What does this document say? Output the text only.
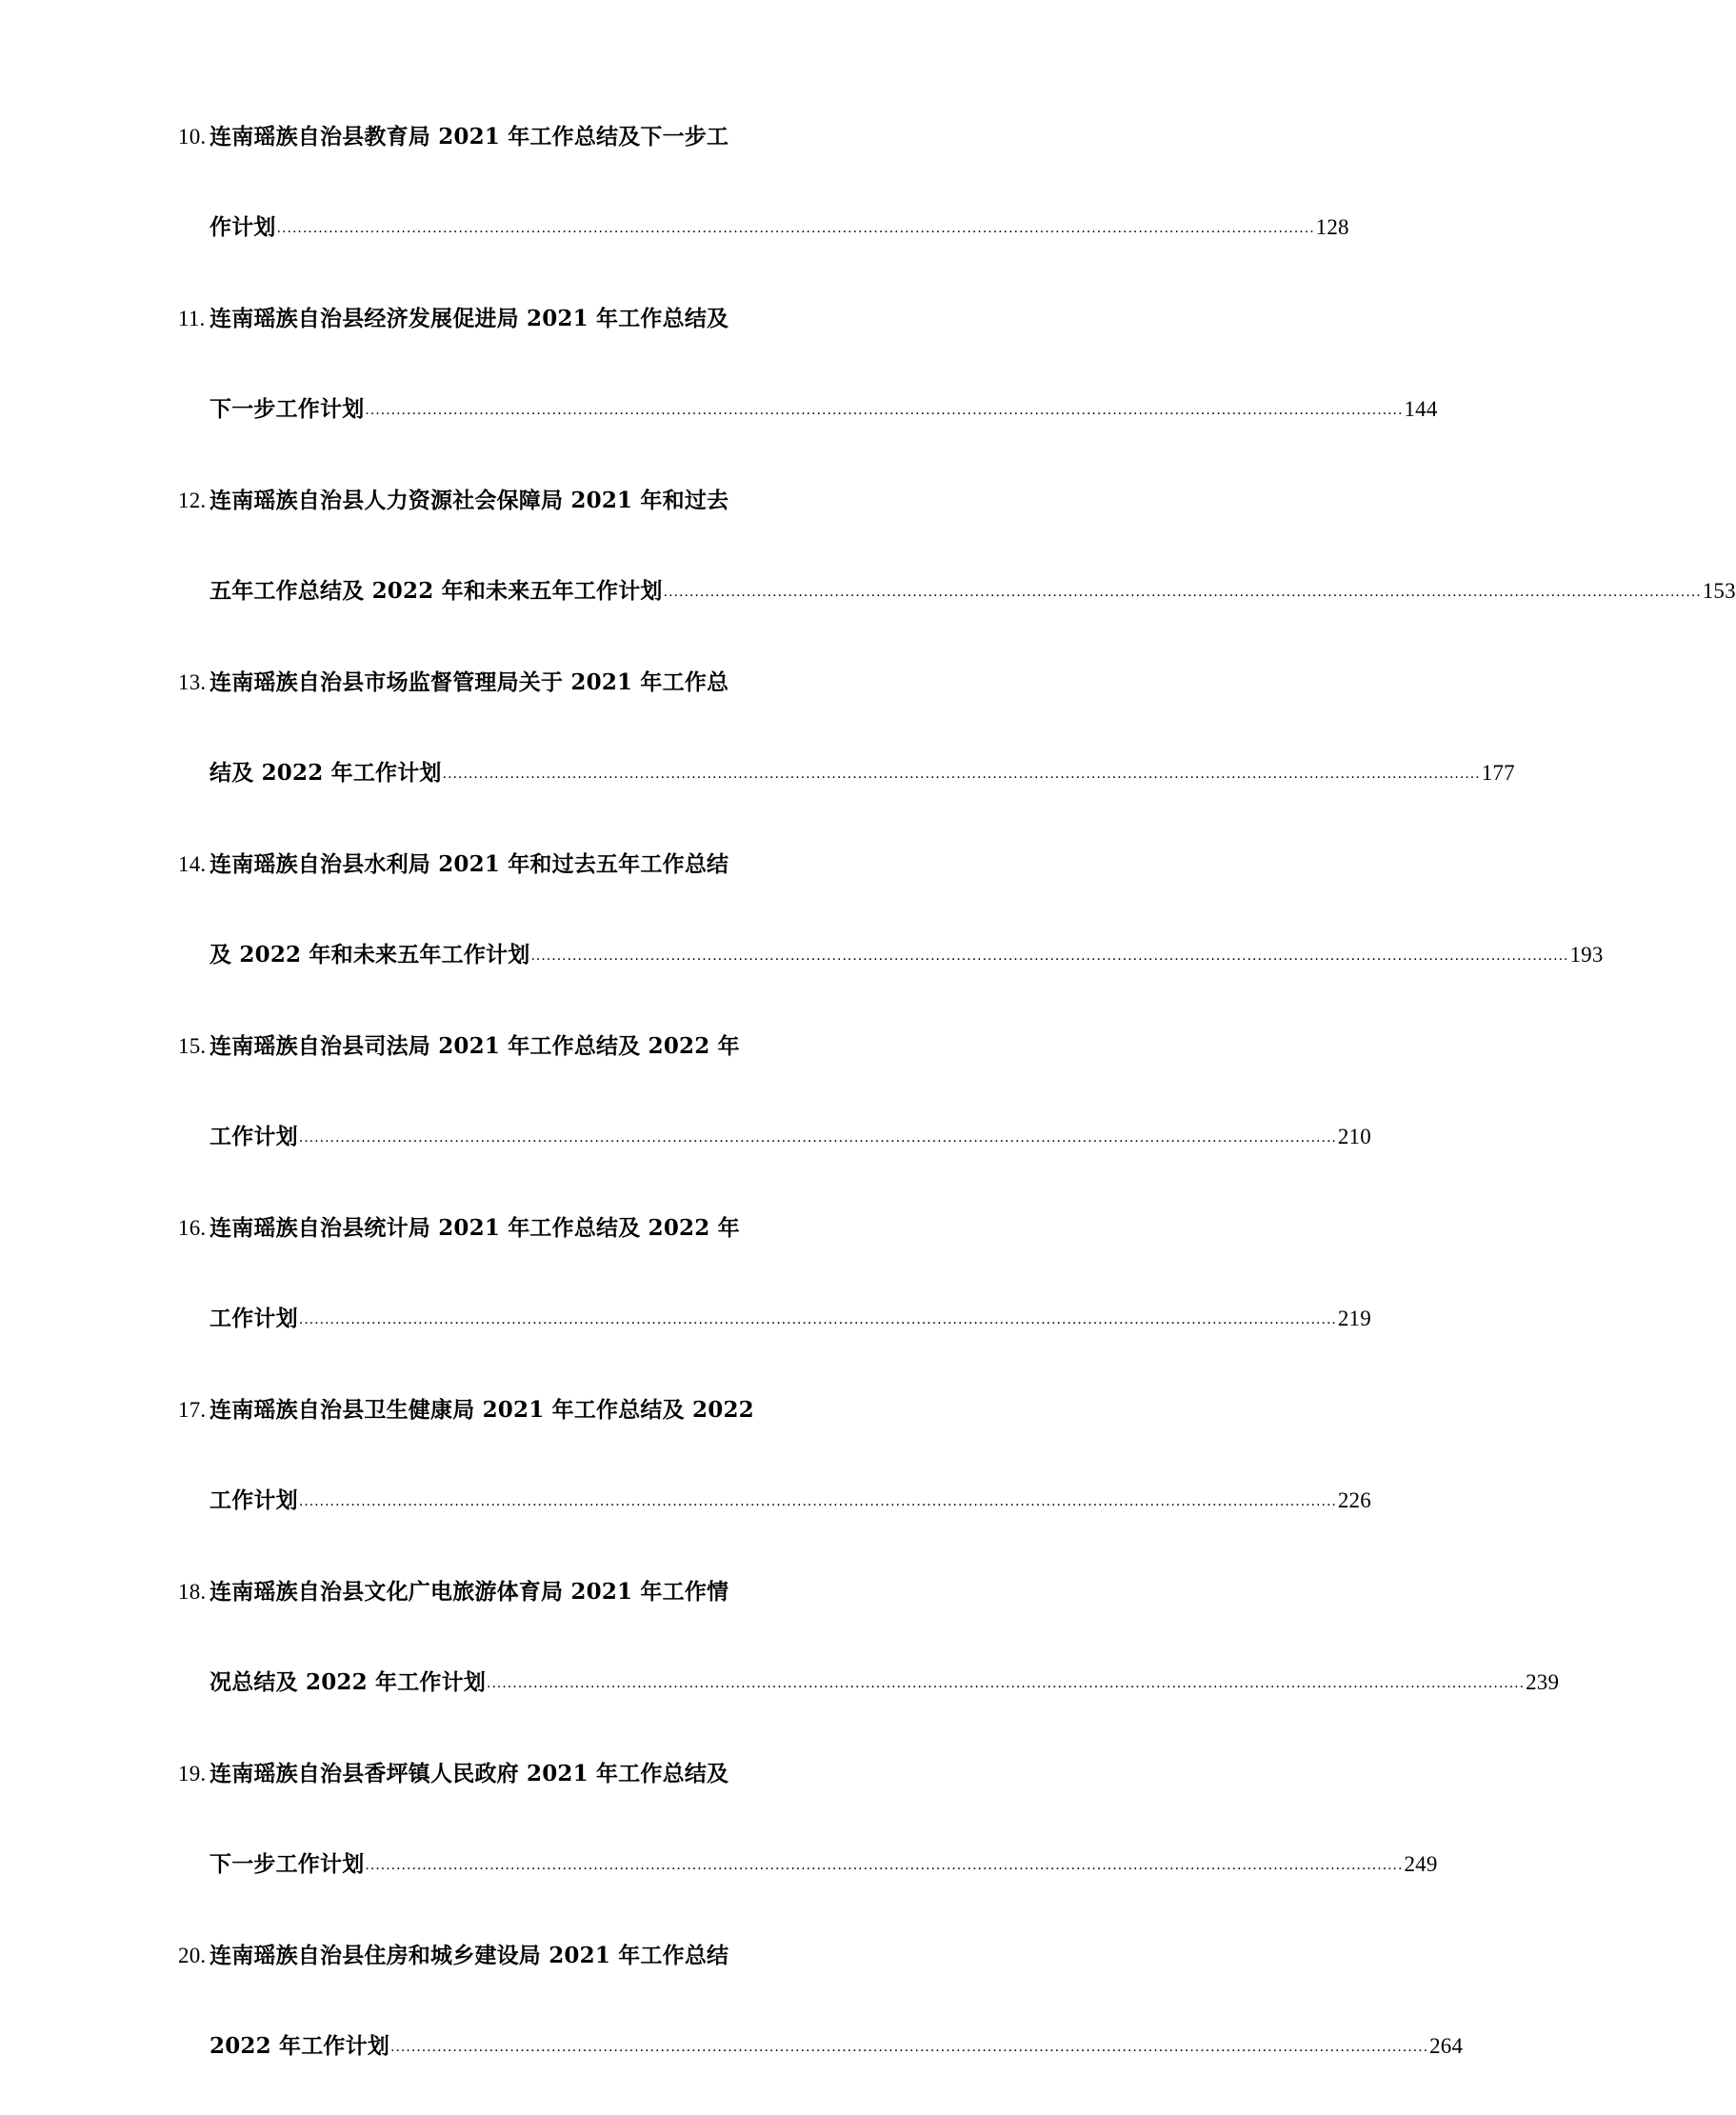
10. 连南瑶族自治县教育局 2021 年工作总结及下一步工
作计划 ........................................................................................................................................................................................................ 128
11. 连南瑶族自治县经济发展促进局 2021 年工作总结及
下一步工作计划 ........................................................................................................................................................................................................ 144
12. 连南瑶族自治县人力资源社会保障局 2021 年和过去
五年工作总结及 2022 年和未来五年工作计划 ........................................................................................................................................................................................................ 153
13. 连南瑶族自治县市场监督管理局关于 2021 年工作总
结及 2022 年工作计划 ........................................................................................................................................................................................................ 177
14. 连南瑶族自治县水利局 2021 年和过去五年工作总结
及 2022 年和未来五年工作计划 ........................................................................................................................................................................................................ 193
15. 连南瑶族自治县司法局 2021 年工作总结及 2022 年
工作计划 ........................................................................................................................................................................................................ 210
16. 连南瑶族自治县统计局 2021 年工作总结及 2022 年
工作计划 ........................................................................................................................................................................................................ 219
17. 连南瑶族自治县卫生健康局 2021 年工作总结及 2022
工作计划 ........................................................................................................................................................................................................ 226
18. 连南瑶族自治县文化广电旅游体育局 2021 年工作情
况总结及 2022 年工作计划 ........................................................................................................................................................................................................ 239
19. 连南瑶族自治县香坪镇人民政府 2021 年工作总结及
下一步工作计划 ........................................................................................................................................................................................................ 249
20. 连南瑶族自治县住房和城乡建设局 2021 年工作总结
2022 年工作计划 ........................................................................................................................................................................................................ 264
